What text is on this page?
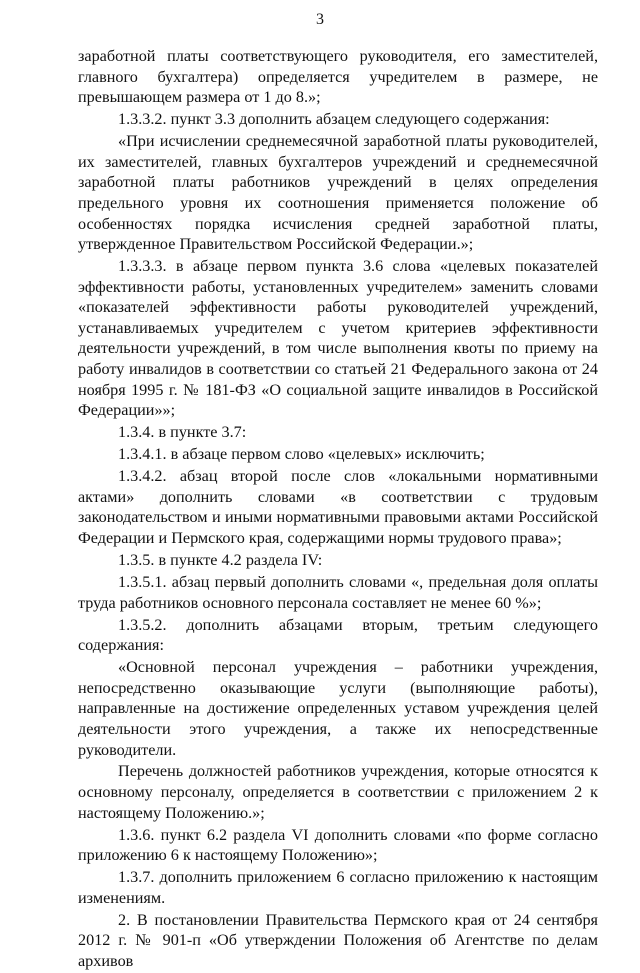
3

заработной платы соответствующего руководителя, его заместителей, главного бухгалтера) определяется учредителем в размере, не превышающем размера от 1 до 8.»;

1.3.3.2. пункт 3.3 дополнить абзацем следующего содержания:

«При исчислении среднемесячной заработной платы руководителей, их заместителей, главных бухгалтеров учреждений и среднемесячной заработной платы работников учреждений в целях определения предельного уровня их соотношения применяется положение об особенностях порядка исчисления средней заработной платы, утвержденное Правительством Российской Федерации.»;

1.3.3.3. в абзаце первом пункта 3.6 слова «целевых показателей эффективности работы, установленных учредителем» заменить словами «показателей эффективности работы руководителей учреждений, устанавливаемых учредителем с учетом критериев эффективности деятельности учреждений, в том числе выполнения квоты по приему на работу инвалидов в соответствии со статьей 21 Федерального закона от 24 ноября 1995 г. № 181-ФЗ «О социальной защите инвалидов в Российской Федерации»»;

1.3.4. в пункте 3.7:

1.3.4.1. в абзаце первом слово «целевых» исключить;

1.3.4.2. абзац второй после слов «локальными нормативными актами» дополнить словами «в соответствии с трудовым законодательством и иными нормативными правовыми актами Российской Федерации и Пермского края, содержащими нормы трудового права»;

1.3.5. в пункте 4.2 раздела IV:

1.3.5.1. абзац первый дополнить словами «, предельная доля оплаты труда работников основного персонала составляет не менее 60 %»;

1.3.5.2. дополнить абзацами вторым, третьим следующего содержания:

«Основной персонал учреждения – работники учреждения, непосредственно оказывающие услуги (выполняющие работы), направленные на достижение определенных уставом учреждения целей деятельности этого учреждения, а также их непосредственные руководители.

Перечень должностей работников учреждения, которые относятся к основному персоналу, определяется в соответствии с приложением 2 к настоящему Положению.»;

1.3.6. пункт 6.2 раздела VI дополнить словами «по форме согласно приложению 6 к настоящему Положению»;

1.3.7. дополнить приложением 6 согласно приложению к настоящим изменениям.

2. В постановлении Правительства Пермского края от 24 сентября 2012 г. № 901-п «Об утверждении Положения об Агентстве по делам архивов
